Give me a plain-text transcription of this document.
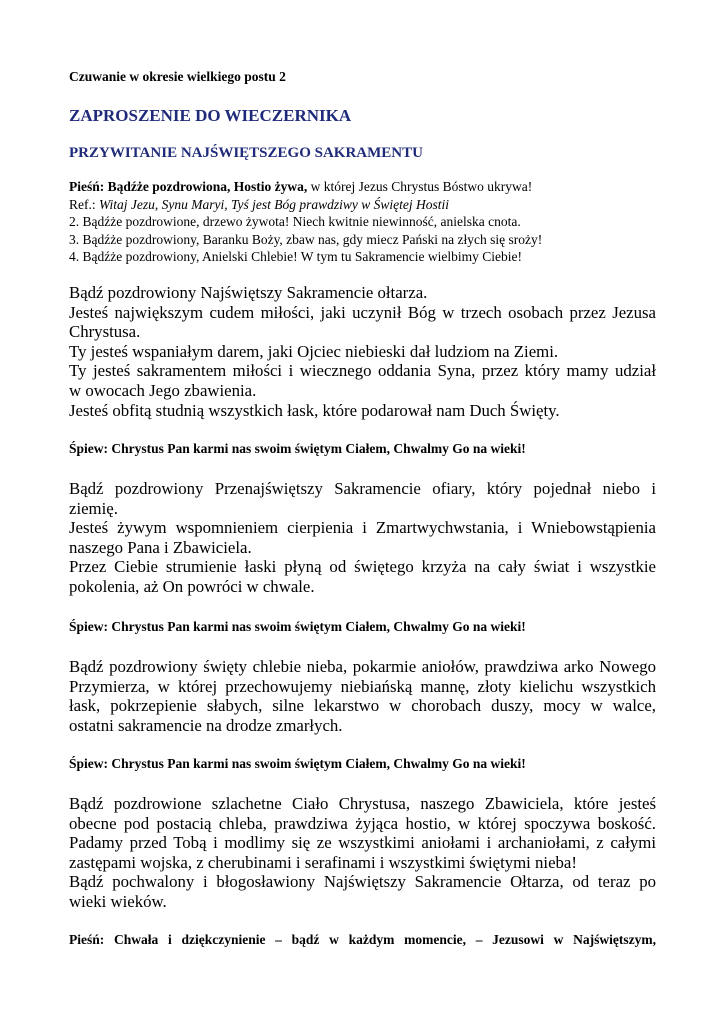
Czuwanie w okresie wielkiego postu 2
ZAPROSZENIE DO WIECZERNIKA
PRZYWITANIE NAJŚWIĘTSZEGO SAKRAMENTU
Pieśń: Bądźże pozdrowiona, Hostio żywa, w której Jezus Chrystus Bóstwo ukrywa!
Ref.: Witaj Jezu, Synu Maryi, Tyś jest Bóg prawdziwy w Świętej Hostii
2. Bądźże pozdrowione, drzewo żywota! Niech kwitnie niewinność, anielska cnota.
3. Bądźże pozdrowiony, Baranku Boży, zbaw nas, gdy miecz Pański na złych się sroży!
4. Bądźże pozdrowiony, Anielski Chlebie! W tym tu Sakramencie wielbimy Ciebie!
Bądź pozdrowiony Najświętszy Sakramencie ołtarza.
Jesteś największym cudem miłości, jaki uczynił Bóg w trzech osobach przez Jezusa
Chrystusa.
Ty jesteś wspaniałym darem, jaki Ojciec niebieski dał ludziom na Ziemi.
Ty jesteś sakramentem miłości i wiecznego oddania Syna, przez który mamy udział
w owocach Jego zbawienia.
Jesteś obfitą studnią wszystkich łask, które podarował nam Duch Święty.
Śpiew: Chrystus Pan karmi nas swoim świętym Ciałem, Chwalmy Go na wieki!
Bądź pozdrowiony Przenajświętszy Sakramencie ofiary, który pojednał niebo i
ziemię.
Jesteś żywym wspomnieniem cierpienia i Zmartwychwstania, i Wniebowstąpienia
naszego Pana i Zbawiciela.
Przez Ciebie strumienie łaski płyną od świętego krzyża na cały świat i wszystkie
pokolenia, aż On powróci w chwale.
Śpiew: Chrystus Pan karmi nas swoim świętym Ciałem, Chwalmy Go na wieki!
Bądź pozdrowiony święty chlebie nieba, pokarmie aniołów, prawdziwa arko Nowego
Przymierza, w której przechowujemy niebiańską mannę, złoty kielichu wszystkich
łask, pokrzepienie słabych, silne lekarstwo w chorobach duszy, mocy w walce,
ostatni sakramencie na drodze zmarłych.
Śpiew: Chrystus Pan karmi nas swoim świętym Ciałem, Chwalmy Go na wieki!
Bądź pozdrowione szlachetne Ciało Chrystusa, naszego Zbawiciela, które jesteś
obecne pod postacią chleba, prawdziwa żyjąca hostio, w której spoczywa boskość.
Padamy przed Tobą i modlimy się ze wszystkimi aniołami i archaniołami, z całymi
zastępami wojska, z cherubinami i serafinami i wszystkimi świętymi nieba!
Bądź pochwalony i błogosławiony Najświętszy Sakramencie Ołtarza, od teraz po
wieki wieków.
Pieśń: Chwała i dziękczynienie – bądź w każdym momencie, – Jezusowi w Najświętszym,
